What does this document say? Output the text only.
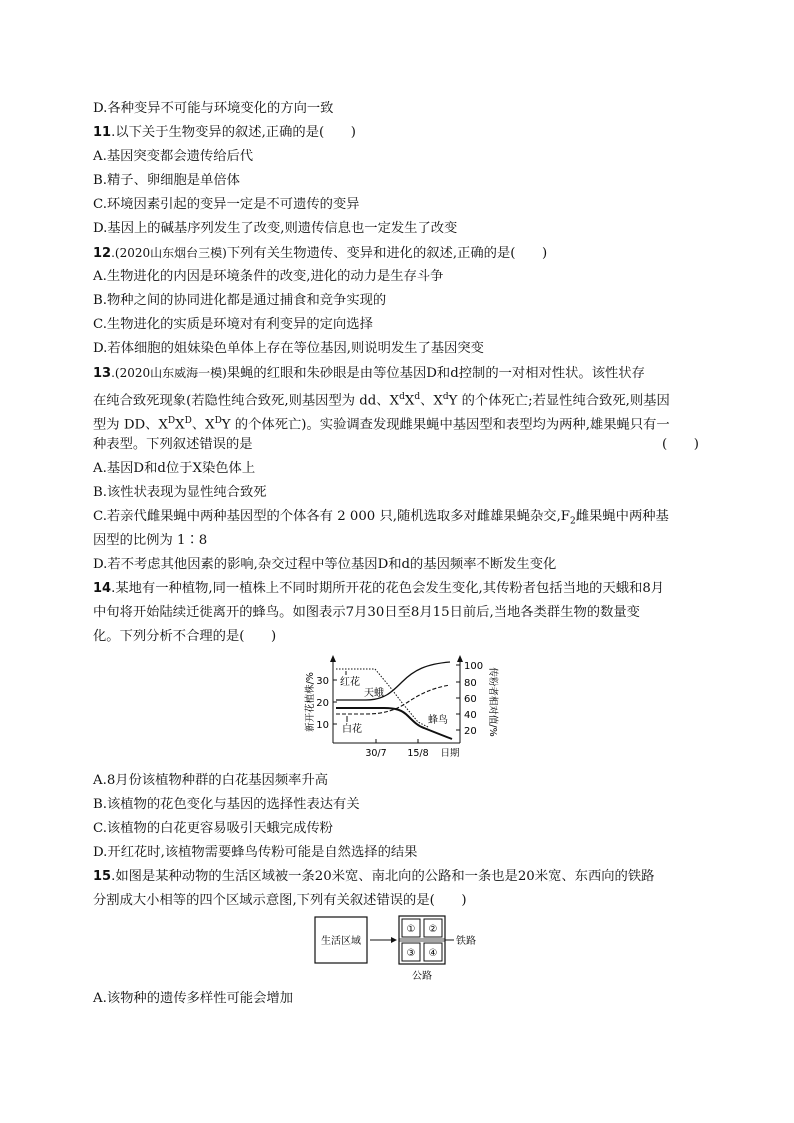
D.各种变异不可能与环境变化的方向一致
11.以下关于生物变异的叙述,正确的是(　　)
A.基因突变都会遗传给后代
B.精子、卵细胞是单倍体
C.环境因素引起的变异一定是不可遗传的变异
D.基因上的碱基序列发生了改变,则遗传信息也一定发生了改变
12.(2020山东烟台三模)下列有关生物遗传、变异和进化的叙述,正确的是(　　)
A.生物进化的内因是环境条件的改变,进化的动力是生存斗争
B.物种之间的协同进化都是通过捕食和竞争实现的
C.生物进化的实质是环境对有利变异的定向选择
D.若体细胞的姐妹染色单体上存在等位基因,则说明发生了基因突变
13.(2020山东威海一模)果蝇的红眼和朱砂眼是由等位基因D和d控制的一对相对性状。该性状存
在纯合致死现象(若隐性纯合致死,则基因型为 dd、$X^dX^d$、$X^dY$ 的个体死亡;若显性纯合致死,则基因
型为 DD、$X^DX^D$、$X^DY$ 的个体死亡)。实验调查发现雌果蝇中基因型和表型均为两种,雄果蝇只有一
种表型。下列叙述错误的是	(　　)
A.基因D和d位于X染色体上
B.该性状表现为显性纯合致死
C.若亲代雌果蝇中两种基因型的个体各有 2 000 只,随机选取多对雌雄果蝇杂交$,F_2$雌果蝇中两种基
因型的比例为 1∶8
D.若不考虑其他因素的影响,杂交过程中等位基因D和d的基因频率不断发生变化
14.某地有一种植物,同一植株上不同时期所开花的花色会发生变化,其传粉者包括当地的天蛾和8月
中旬将开始陆续迁徙离开的蜂鸟。如图表示7月30日至8月15日前后,当地各类群生物的数量变
化。下列分析不合理的是(　　)
10
20
30
20
40
60
80
100
新开花植株/%	传粉者相对值/%
30/7 15/8 日期
红花
天蛾
白花
蜂鸟
A.8月份该植物种群的白花基因频率升高
B.该植物的花色变化与基因的选择性表达有关
C.该植物的白花更容易吸引天蛾完成传粉
D.开红花时,该植物需要蜂鸟传粉可能是自然选择的结果
15.如图是某种动物的生活区域被一条20米宽、南北向的公路和一条也是20米宽、东西向的铁路
分割成大小相等的四个区域示意图,下列有关叙述错误的是(　　)
生活区域
① ②
③ ④
铁路
公路
A.该物种的遗传多样性可能会增加
